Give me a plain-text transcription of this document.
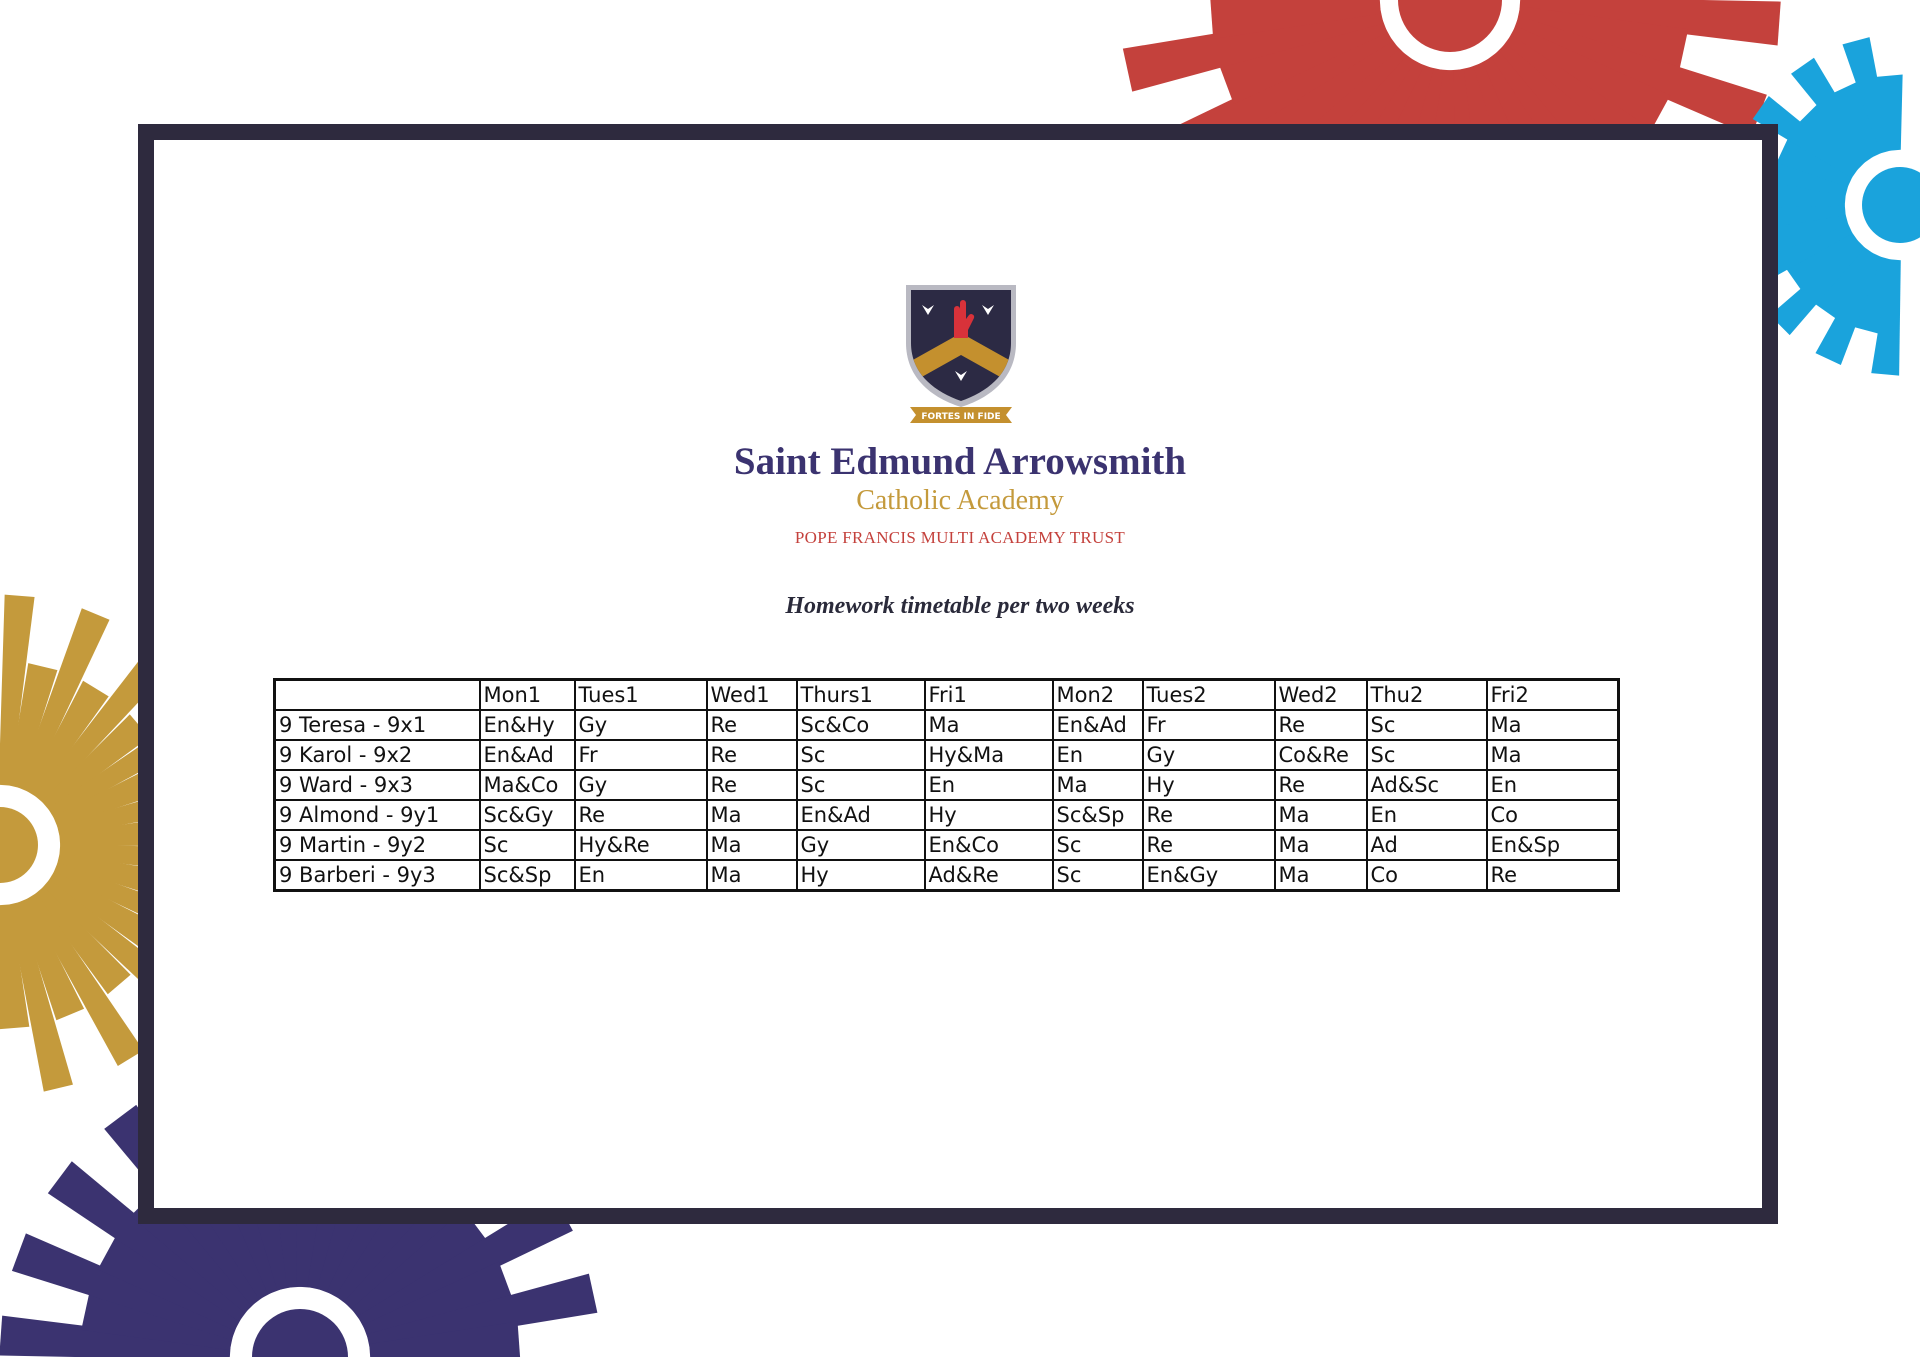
FORTES IN FIDE
Saint Edmund Arrowsmith
Catholic Academy
POPE FRANCIS MULTI ACADEMY TRUST
Homework timetable per two weeks
	Mon1	Tues1	Wed1	Thurs1	Fri1	Mon2	Tues2	Wed2	Thu2	Fri2
9 Teresa - 9x1	En&Hy	Gy	Re	Sc&Co	Ma	En&Ad	Fr	Re	Sc	Ma
9 Karol - 9x2	En&Ad	Fr	Re	Sc	Hy&Ma	En	Gy	Co&Re	Sc	Ma
9 Ward - 9x3	Ma&Co	Gy	Re	Sc	En	Ma	Hy	Re	Ad&Sc	En
9 Almond - 9y1	Sc&Gy	Re	Ma	En&Ad	Hy	Sc&Sp	Re	Ma	En	Co
9 Martin - 9y2	Sc	Hy&Re	Ma	Gy	En&Co	Sc	Re	Ma	Ad	En&Sp
9 Barberi - 9y3	Sc&Sp	En	Ma	Hy	Ad&Re	Sc	En&Gy	Ma	Co	Re
